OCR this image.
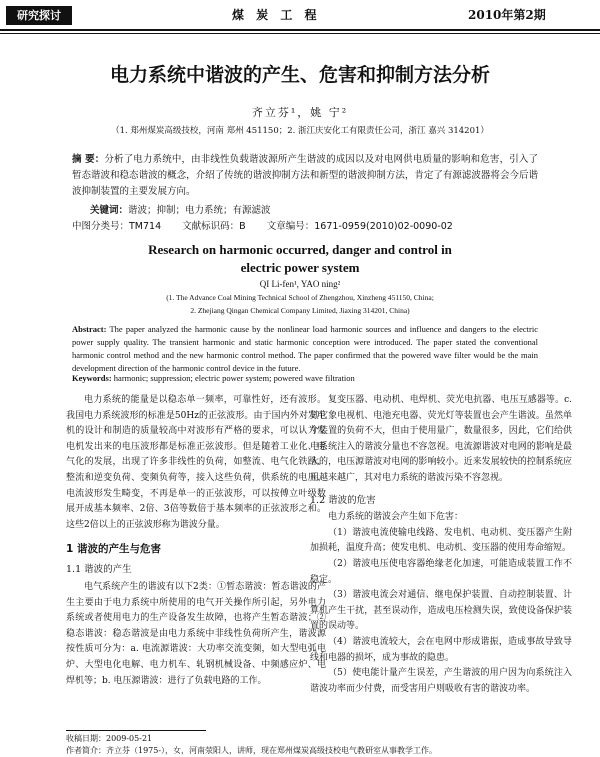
研究探讨	煤 炭 工 程	2010年第2期
电力系统中谐波的产生、危害和抑制方法分析
齐立芬¹，姚 宁²
（1. 郑州煤炭高级技校，河南 郑州 451150；2. 浙江庆安化工有限责任公司，浙江 嘉兴 314201）
摘 要：分析了电力系统中，由非线性负载谐波源所产生谐波的成因以及对电网供电质量的影响和危害，引入了暂态谐波和稳态谐波的概念，介绍了传统的谐波抑制方法和新型的谐波抑制方法，肯定了有源滤波器将会今后谐波抑制装置的主要发展方向。
关键词：谐波；抑制；电力系统；有源滤波
中图分类号：TM714 文献标识码：B 文章编号：1671-0959(2010)02-0090-02
Research on harmonic occurred, danger and control in
electric power system
QI Li-fen¹, YAO ning²
(1. The Advance Coal Mining Technical School of Zhengzhou, Xinzheng 451150, China;
2. Zhejiang Qingan Chemical Company Limited, Jiaxing 314201, China)
Abstract: The paper analyzed the harmonic cause by the nonlinear load harmonic sources and influence and dangers to the electric power supply quality. The transient harmonic and static harmonic conception were introduced. The paper stated the conventional harmonic control method and the new harmonic control method. The paper confirmed that the powered wave filter would be the main development direction of the harmonic control device in the future.
Keywords: harmonic; suppression; electric power system; powered wave filtration

电力系统的能量是以稳态单一频率，可靠性好，还有波形。我国电力系统波形的标准是50Hz的正弦波形。由于国内外对发电机的设计和制造的质量较高中对波形有严格的要求，可以认为发电机发出来的电压波形都是标准正弦波形。但是随着工业化、电气化的发展，出现了许多非线性的负荷，如整流、电气化铁路、整流和逆变负荷、变频负荷等，接入这些负荷，供系统的电压、电流波形发生畸变，不再是单一的正弦波形，可以按傅立叶级数展开成基本频率、2倍、3倍等数倍于基本频率的正弦波形之和。这些2倍以上的正弦波形称为谐波分量。

1 谐波的产生与危害
1.1 谐波的产生

电气系统产生的谐波有以下2类：①暂态谐波：暂态谐波的产生主要由于电力系统中所使用的电气开关操作所引起，另外电力系统或者使用电力的生产设备发生故障，也将产生暂态谐波；②稳态谐波：稳态谐波是由电力系统中非线性负荷所产生，谐波源按性质可分为：a. 电流源谐波：大功率交流变频，如大型电弧电炉、大型电化电解、电力机车、轧钢机械设备、中频感应炉、电焊机等；b. 电压源谐波：进行了负载电路的工作。

复变压器、电动机、电焊机、荧光电抗器、电压互感器等。c. 其它象电视机、电池充电器、荧光灯等装置也会产生谐波。虽然单个装置的负荷不大，但由于使用量广，数量很多，因此，它们给供电系统注入的谐波分量也不容忽视。电流源谐波对电网的影响是最大的，电压源谐波对电网的影响较小。近来发展较快的控制系统应用越来越广，其对电力系统的谐波污染不容忽视。

1.2 谐波的危害

电力系统的谐波会产生如下危害：

（1）谐波电流使输电线路、发电机、电动机、变压器产生附加损耗，温度升高；使发电机、电动机、变压器的使用寿命缩短。

（2）谐波电压使电容器绝缘老化加速，可能造成装置工作不稳定。

（3）谐波电流会对通信、继电保护装置、自动控制装置、计算机产生干扰，甚至误动作，造成电压检测失误，致使设备保护装置的误动等。

（4）谐波电流较大，会在电网中形成谐振，造成事故导致导线和电器的损坏，成为事故的隐患。

（5）使电能计量产生误差，产生谐波的用户因为向系统注入谐波功率而少付费，而受害用户则吸收有害的谐波功率。

收稿日期：2009-05-21
作者简介：齐立芬（1975-），女，河南荥阳人，讲师，现在郑州煤炭高级技校电气教研室从事教学工作。
